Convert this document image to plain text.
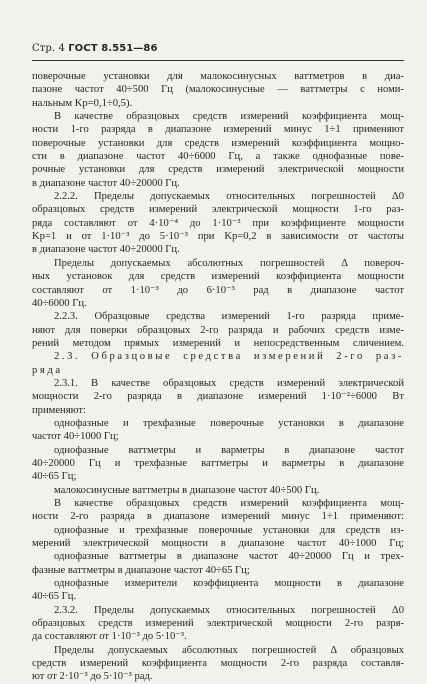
Стр. 4 ГОСТ 8.551—86
поверочные установки для малокосинусных ваттметров в диа-
пазоне частот 40÷500 Гц (малокосинусные — ваттметры с номи-
нальным Kр=0,1÷0,5).
В качестве образцовых средств измерений коэффициента мощ-
ности 1-го разряда в диапазоне измерений минус 1÷1 применяют
поверочные установки для средств измерений коэффициента мощно-
сти в диапазоне частот 40÷6000 Гц, а также однофазные пове-
рочные установки для средств измерений электрической мощности
в диапазоне частот 40÷20000 Гц.
2.2.2. Пределы допускаемых относительных погрешностей Δ0
образцовых средств измерений электрической мощности 1-го раз-
ряда составляют от 4·10⁻⁴ до 1·10⁻³ при коэффициенте мощности
Kр=1 и от 1·10⁻³ до 5·10⁻³ при Kр=0,2 в зависимости от частоты
в диапазоне частот 40÷20000 Гц.
Пределы допускаемых абсолютных погрешностей Δ повероч-
ных установок для средств измерений коэффициента мощности
составляют от 1·10⁻³ до 6·10⁻³ рад в диапазоне частот
40÷6000 Гц.
2.2.3. Образцовые средства измерений 1-го разряда приме-
няют для поверки образцовых 2-го разряда и рабочих средств изме-
рений методом прямых измерений и непосредственным сличением.
2.3. Образцовые средства измерений 2-го раз-
ряда
2.3.1. В качестве образцовых средств измерений электрической
мощности 2-го разряда в диапазоне измерений 1·10⁻²÷6000 Вт
применяют:
однофазные и трехфазные поверочные установки в диапазоне
частот 40÷1000 Гц;
однофазные ваттметры и варметры в диапазоне частот
40÷20000 Гц и трехфазные ваттметры и варметры в диапазоне
40÷65 Гц;
малокосинусные ваттметры в диапазоне частот 40÷500 Гц.
В качестве образцовых средств измерений коэффициента мощ-
ности 2-го разряда в диапазоне измерений минус 1÷1 применяют:
однофазные и трехфазные поверочные установки для средств из-
мерений электрической мощности в диапазоне частот 40÷1000 Гц;
однофазные ваттметры в диапазоне частот 40÷20000 Гц и трех-
фазные ваттметры в диапазоне частот 40÷65 Гц;
однофазные измерители коэффициента мощности в диапазоне
40÷65 Гц.
2.3.2. Пределы допускаемых относительных погрешностей Δ0
образцовых средств измерений электрической мощности 2-го разря-
да составляют от 1·10⁻³ до 5·10⁻³.
Пределы допускаемых абсолютных погрешностей Δ образцовых
средств измерений коэффициента мощности 2-го разряда составля-
ют от 2·10⁻³ до 5·10⁻³ рад.
